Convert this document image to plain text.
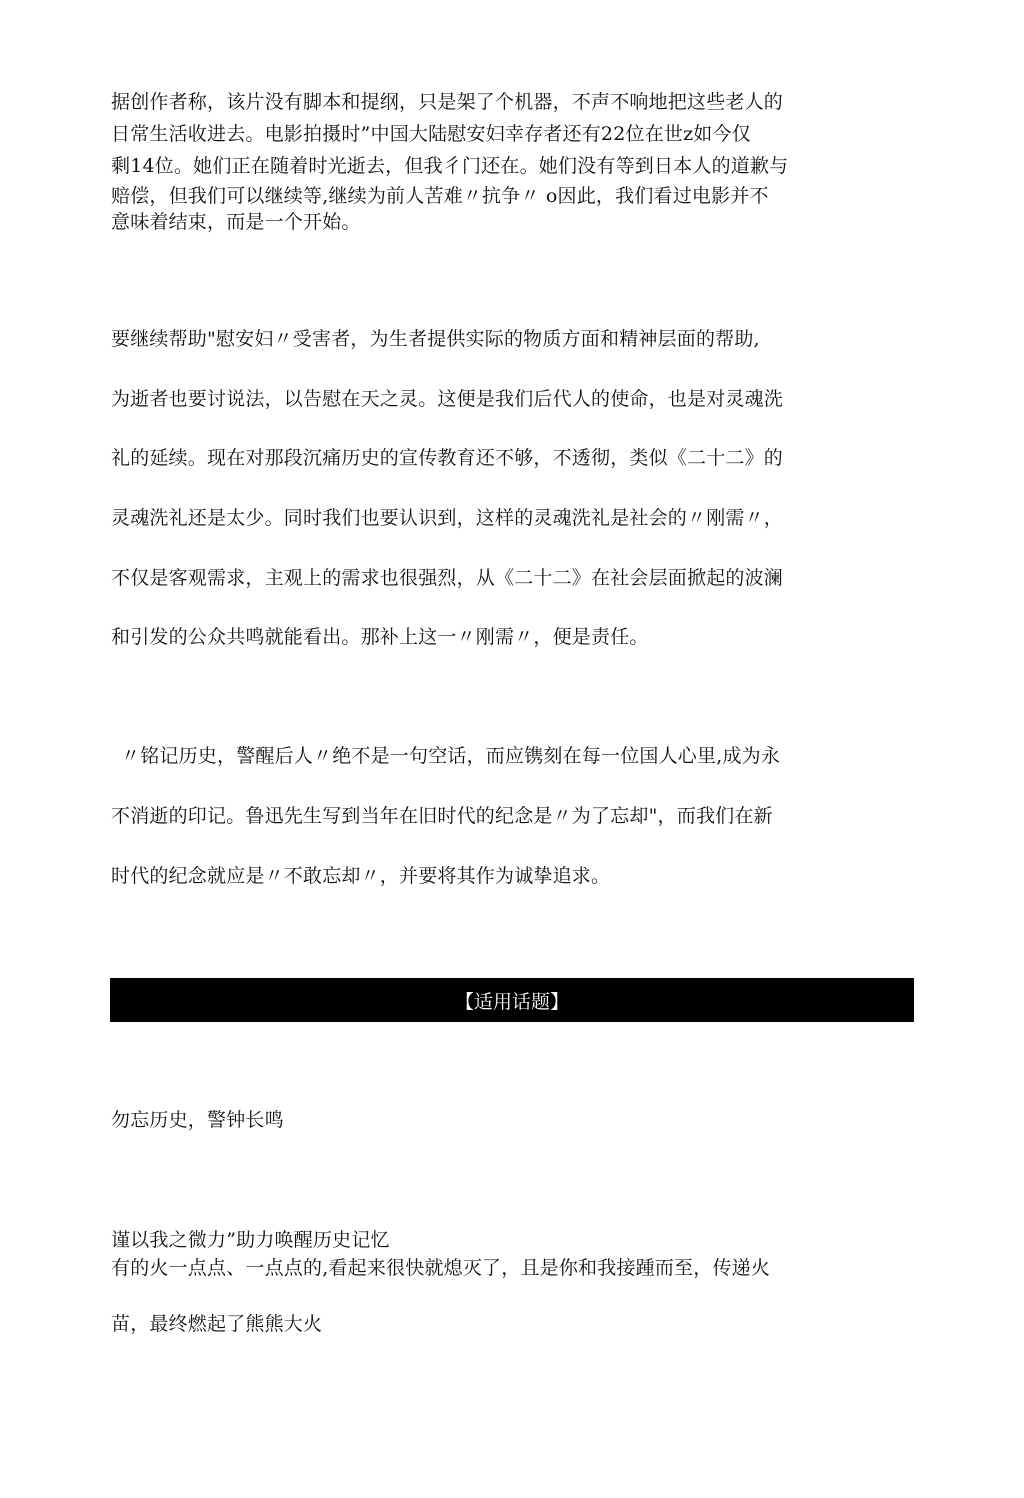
据创作者称，该片没有脚本和提纲，只是架了个机器，不声不响地把这些老人的
日常生活收进去。电影拍摄时”中国大陆慰安妇幸存者还有22位在世z如今仅
剩14位。她们正在随着时光逝去，但我彳门还在。她们没有等到日本人的道歉与
赔偿，但我们可以继续等,继续为前人苦难〃抗争〃 o因此，我们看过电影并不
意味着结束，而是一个开始。
要继续帮助"慰安妇〃受害者，为生者提供实际的物质方面和精神层面的帮助,
为逝者也要讨说法，以告慰在天之灵。这便是我们后代人的使命，也是对灵魂洗
礼的延续。现在对那段沉痛历史的宣传教育还不够，不透彻，类似《二十二》的
灵魂洗礼还是太少。同时我们也要认识到，这样的灵魂洗礼是社会的〃刚需〃，
不仅是客观需求，主观上的需求也很强烈，从《二十二》在社会层面掀起的波澜
和引发的公众共鸣就能看出。那补上这一〃刚需〃，便是责任。
〃铭记历史，警醒后人〃绝不是一句空话，而应镌刻在每一位国人心里,成为永
不消逝的印记。鲁迅先生写到当年在旧时代的纪念是〃为了忘却"，而我们在新
时代的纪念就应是〃不敢忘却〃，并要将其作为诚挚追求。
【适用话题】
勿忘历史，警钟长鸣
谨以我之微力”助力唤醒历史记忆
有的火一点点、一点点的,看起来很快就熄灭了，且是你和我接踵而至，传递火
苗，最终燃起了熊熊大火
